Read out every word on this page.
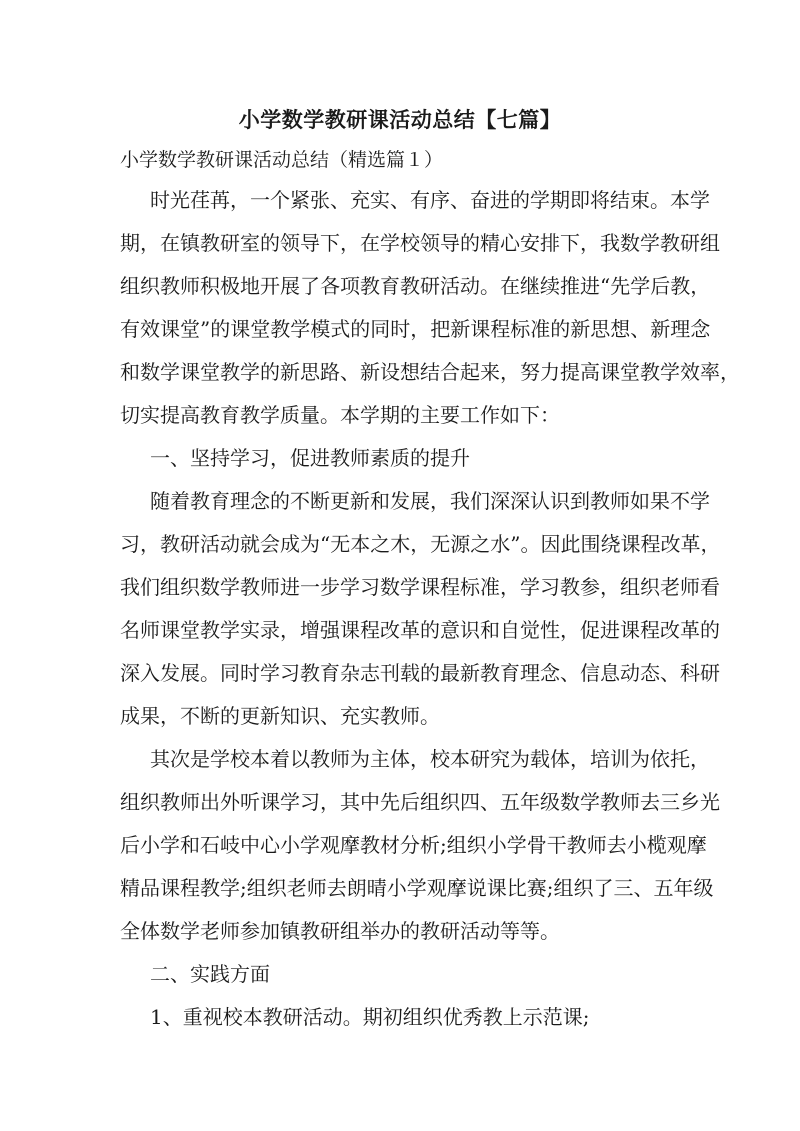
小学数学教研课活动总结【七篇】
小学数学教研课活动总结（精选篇１）
时光荏苒，一个紧张、充实、有序、奋进的学期即将结束。本学
期，在镇教研室的领导下，在学校领导的精心安排下，我数学教研组
组织教师积极地开展了各项教育教研活动。在继续推进“先学后教，
有效课堂”的课堂教学模式的同时，把新课程标准的新思想、新理念
和数学课堂教学的新思路、新设想结合起来，努力提高课堂教学效率，
切实提高教育教学质量。本学期的主要工作如下：
一、坚持学习，促进教师素质的提升
随着教育理念的不断更新和发展，我们深深认识到教师如果不学
习，教研活动就会成为“无本之木，无源之水”。因此围绕课程改革，
我们组织数学教师进一步学习数学课程标准，学习教参，组织老师看
名师课堂教学实录，增强课程改革的意识和自觉性，促进课程改革的
深入发展。同时学习教育杂志刊载的最新教育理念、信息动态、科研
成果，不断的更新知识、充实教师。
其次是学校本着以教师为主体，校本研究为载体，培训为依托，
组织教师出外听课学习，其中先后组织四、五年级数学教师去三乡光
后小学和石岐中心小学观摩教材分析;组织小学骨干教师去小榄观摩
精品课程教学;组织老师去朗晴小学观摩说课比赛;组织了三、五年级
全体数学老师参加镇教研组举办的教研活动等等。
二、实践方面
1、重视校本教研活动。期初组织优秀教上示范课;
